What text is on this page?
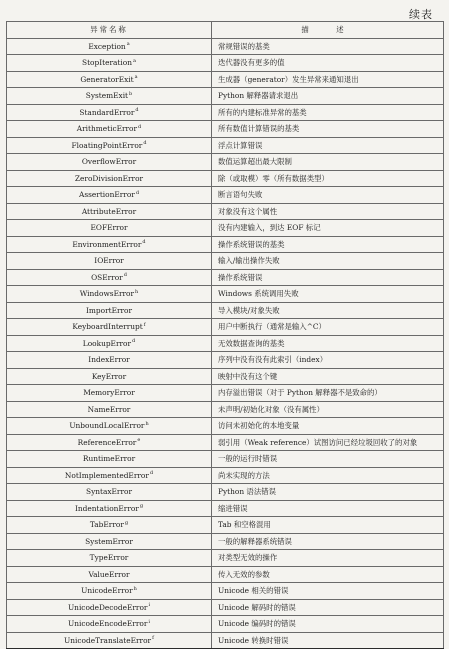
续表
异常名称	描　述
Exception$^a$	常规错误的基类
StopIteration$^a$	迭代器没有更多的值
GeneratorExit$^a$	生成器（generator）发生异常来通知退出
SystemExit$^b$	Python 解释器请求退出
StandardError$^d$	所有的内建标准异常的基类
ArithmeticError$^d$	所有数值计算错误的基类
FloatingPointError$^d$	浮点计算错误
OverflowError	数值运算超出最大限制
ZeroDivisionError	除（或取模）零（所有数据类型）
AssertionError$^d$	断言语句失败
AttributeError	对象没有这个属性
EOFError	没有内建输入，到达 EOF 标记
EnvironmentError$^d$	操作系统错误的基类
IOError	输入/输出操作失败
OSError$^d$	操作系统错误
WindowsError$^h$	Windows 系统调用失败
ImportError	导入模块/对象失败
KeyboardInterrupt$^f$	用户中断执行（通常是输入^C）
LookupError$^d$	无效数据查询的基类
IndexError	序列中没有没有此索引（index）
KeyError	映射中没有这个键
MemoryError	内存溢出错误（对于 Python 解释器不是致命的）
NameError	未声明/初始化对象（没有属性）
UnboundLocalError$^h$	访问未初始化的本地变量
ReferenceError$^e$	弱引用（Weak reference）试图访问已经垃圾回收了的对象
RuntimeError	一般的运行时错误
NotImplementedError$^d$	尚未实现的方法
SyntaxError	Python 语法错误
IndentationError$^g$	缩进错误
TabError$^g$	Tab 和空格混用
SystemError	一般的解释器系统错误
TypeError	对类型无效的操作
ValueError	传入无效的参数
UnicodeError$^h$	Unicode 相关的错误
UnicodeDecodeError$^i$	Unicode 解码时的错误
UnicodeEncodeError$^i$	Unicode 编码时的错误
UnicodeTranslateError$^f$	Unicode 转换时错误
